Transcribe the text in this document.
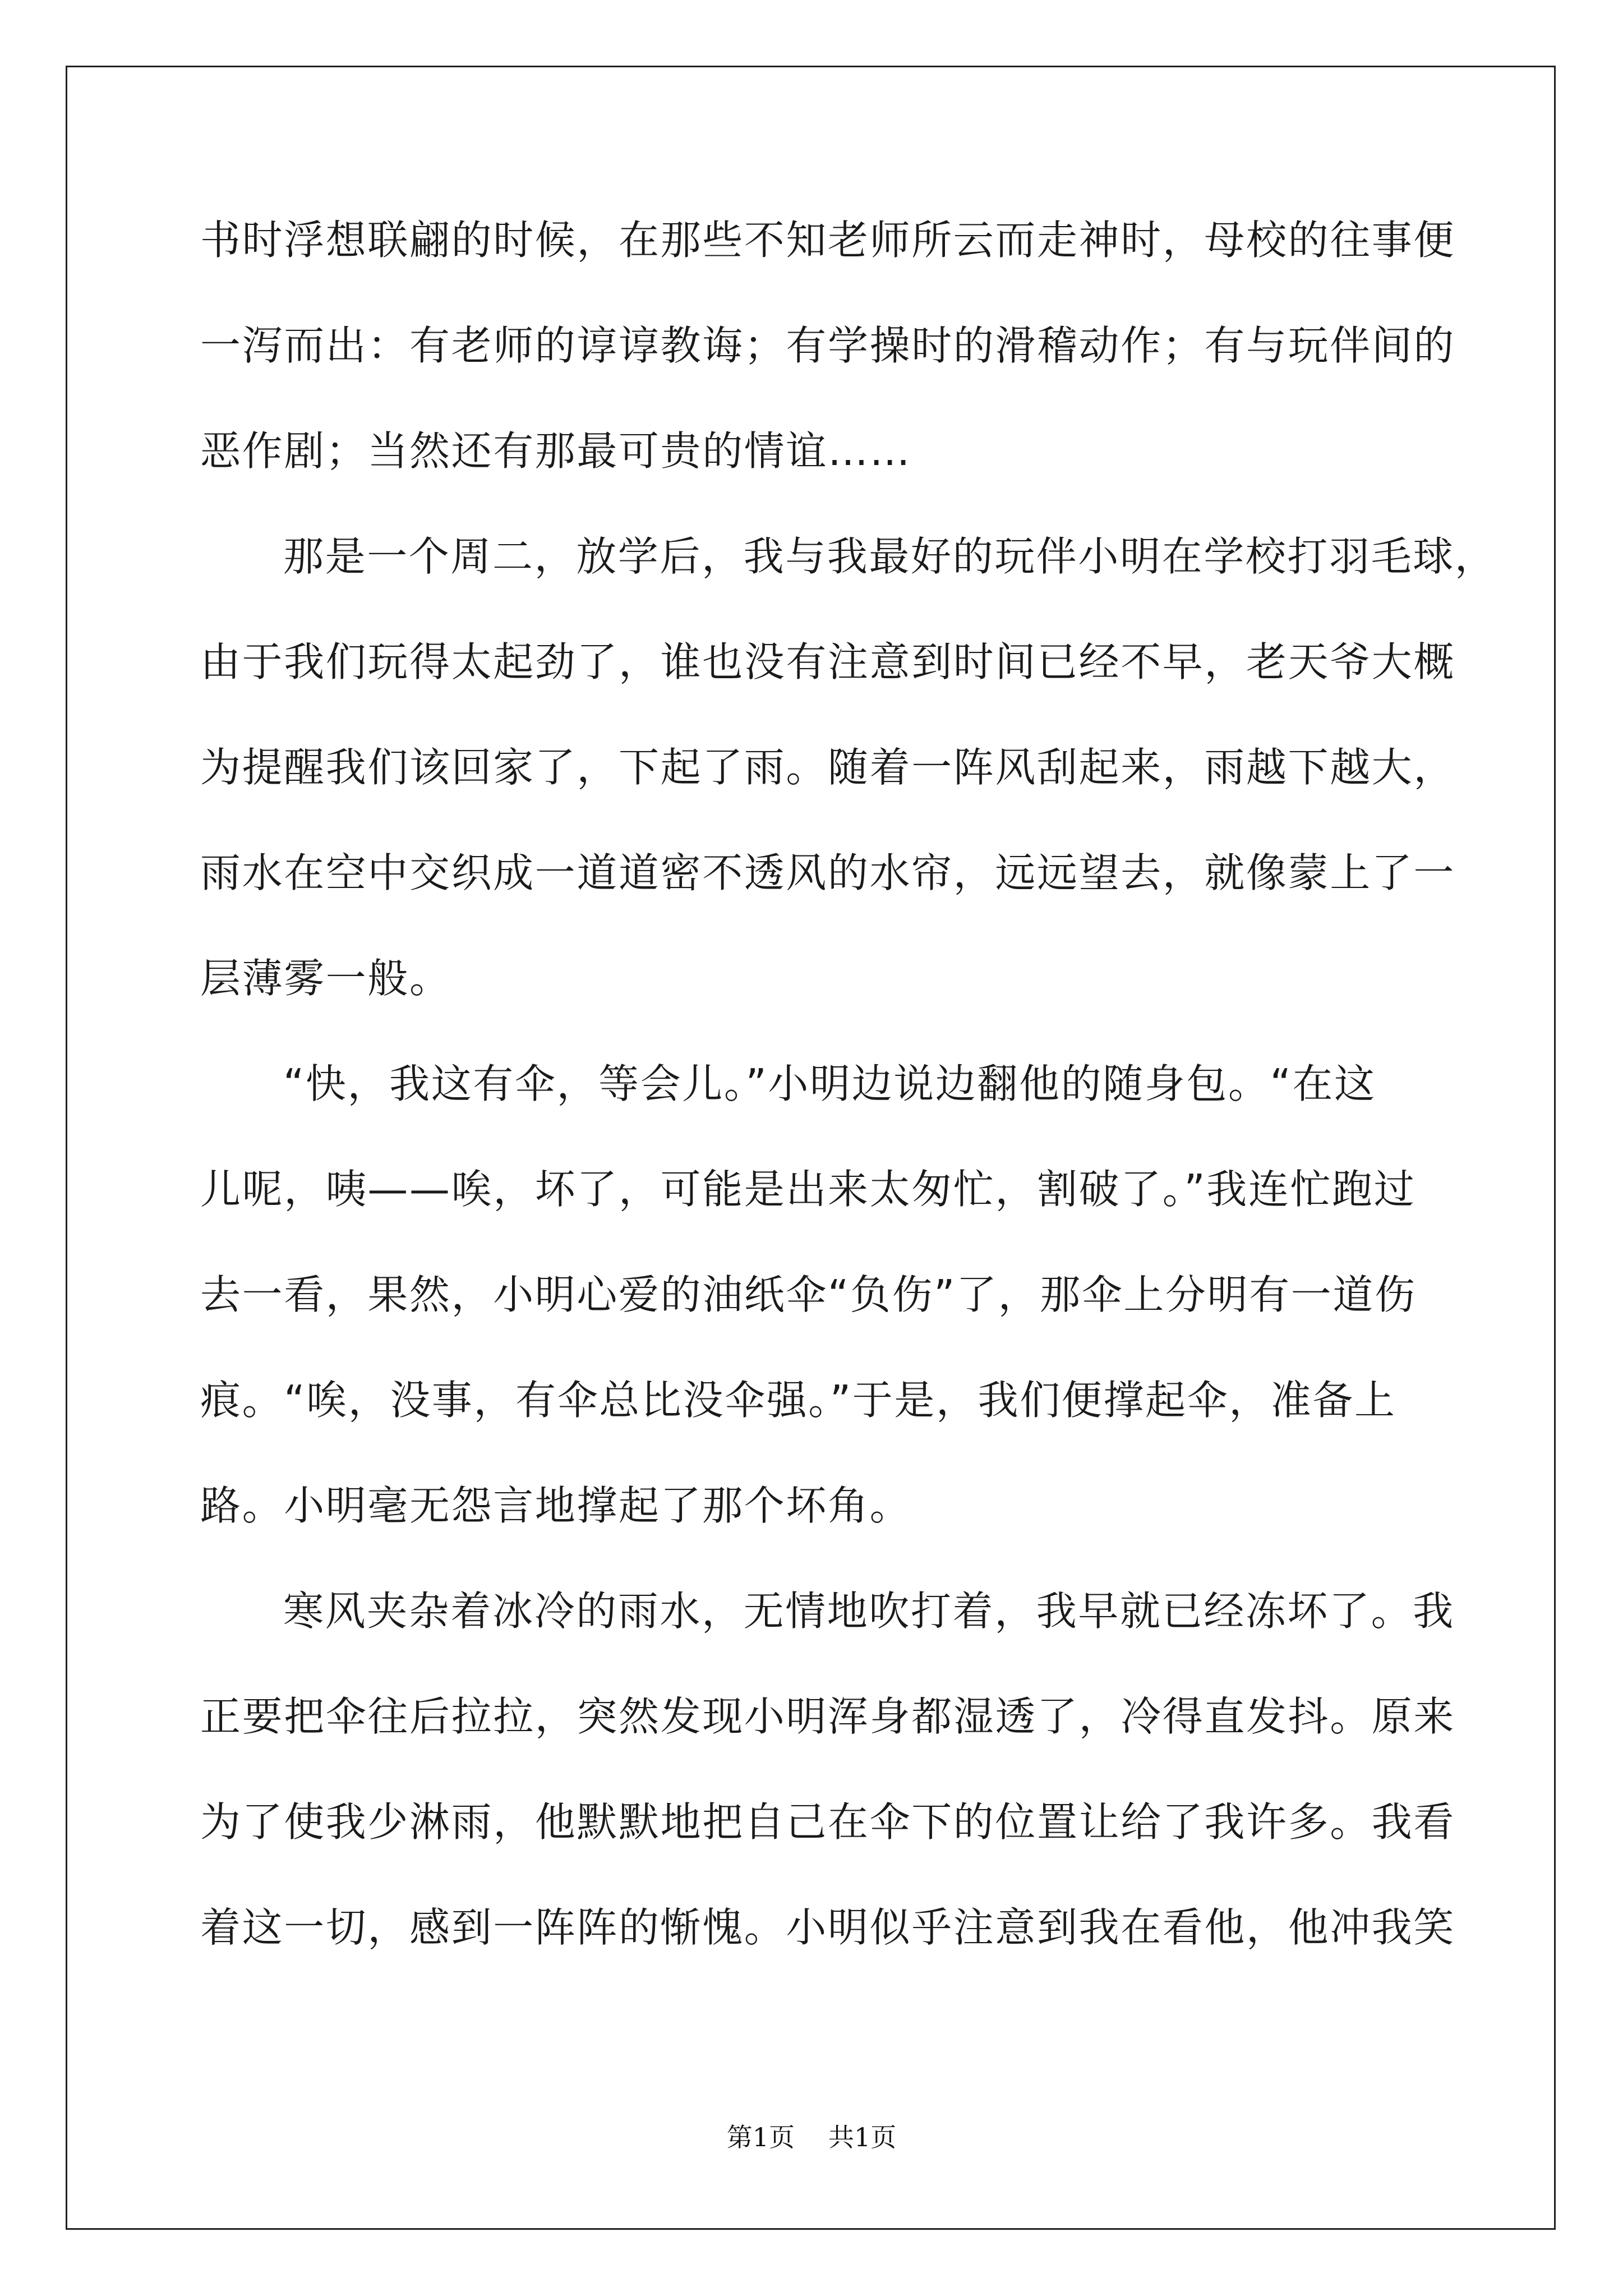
书时浮想联翩的时候，在那些不知老师所云而走神时，母校的往事便
一泻而出：有老师的谆谆教诲；有学操时的滑稽动作；有与玩伴间的
恶作剧；当然还有那最可贵的情谊……
那是一个周二，放学后，我与我最好的玩伴小明在学校打羽毛球，
由于我们玩得太起劲了，谁也没有注意到时间已经不早，老天爷大概
为提醒我们该回家了，下起了雨。随着一阵风刮起来，雨越下越大，
雨水在空中交织成一道道密不透风的水帘，远远望去，就像蒙上了一
层薄雾一般。
“快，我这有伞，等会儿。”小明边说边翻他的随身包。“在这
儿呢，咦——唉，坏了，可能是出来太匆忙，割破了。”我连忙跑过
去一看，果然，小明心爱的油纸伞“负伤”了，那伞上分明有一道伤
痕。“唉，没事，有伞总比没伞强。”于是，我们便撑起伞，准备上
路。小明毫无怨言地撑起了那个坏角。
寒风夹杂着冰冷的雨水，无情地吹打着，我早就已经冻坏了。我
正要把伞往后拉拉，突然发现小明浑身都湿透了，冷得直发抖。原来
为了使我少淋雨，他默默地把自己在伞下的位置让给了我许多。我看
着这一切，感到一阵阵的惭愧。小明似乎注意到我在看他，他冲我笑
第1页 共1页
